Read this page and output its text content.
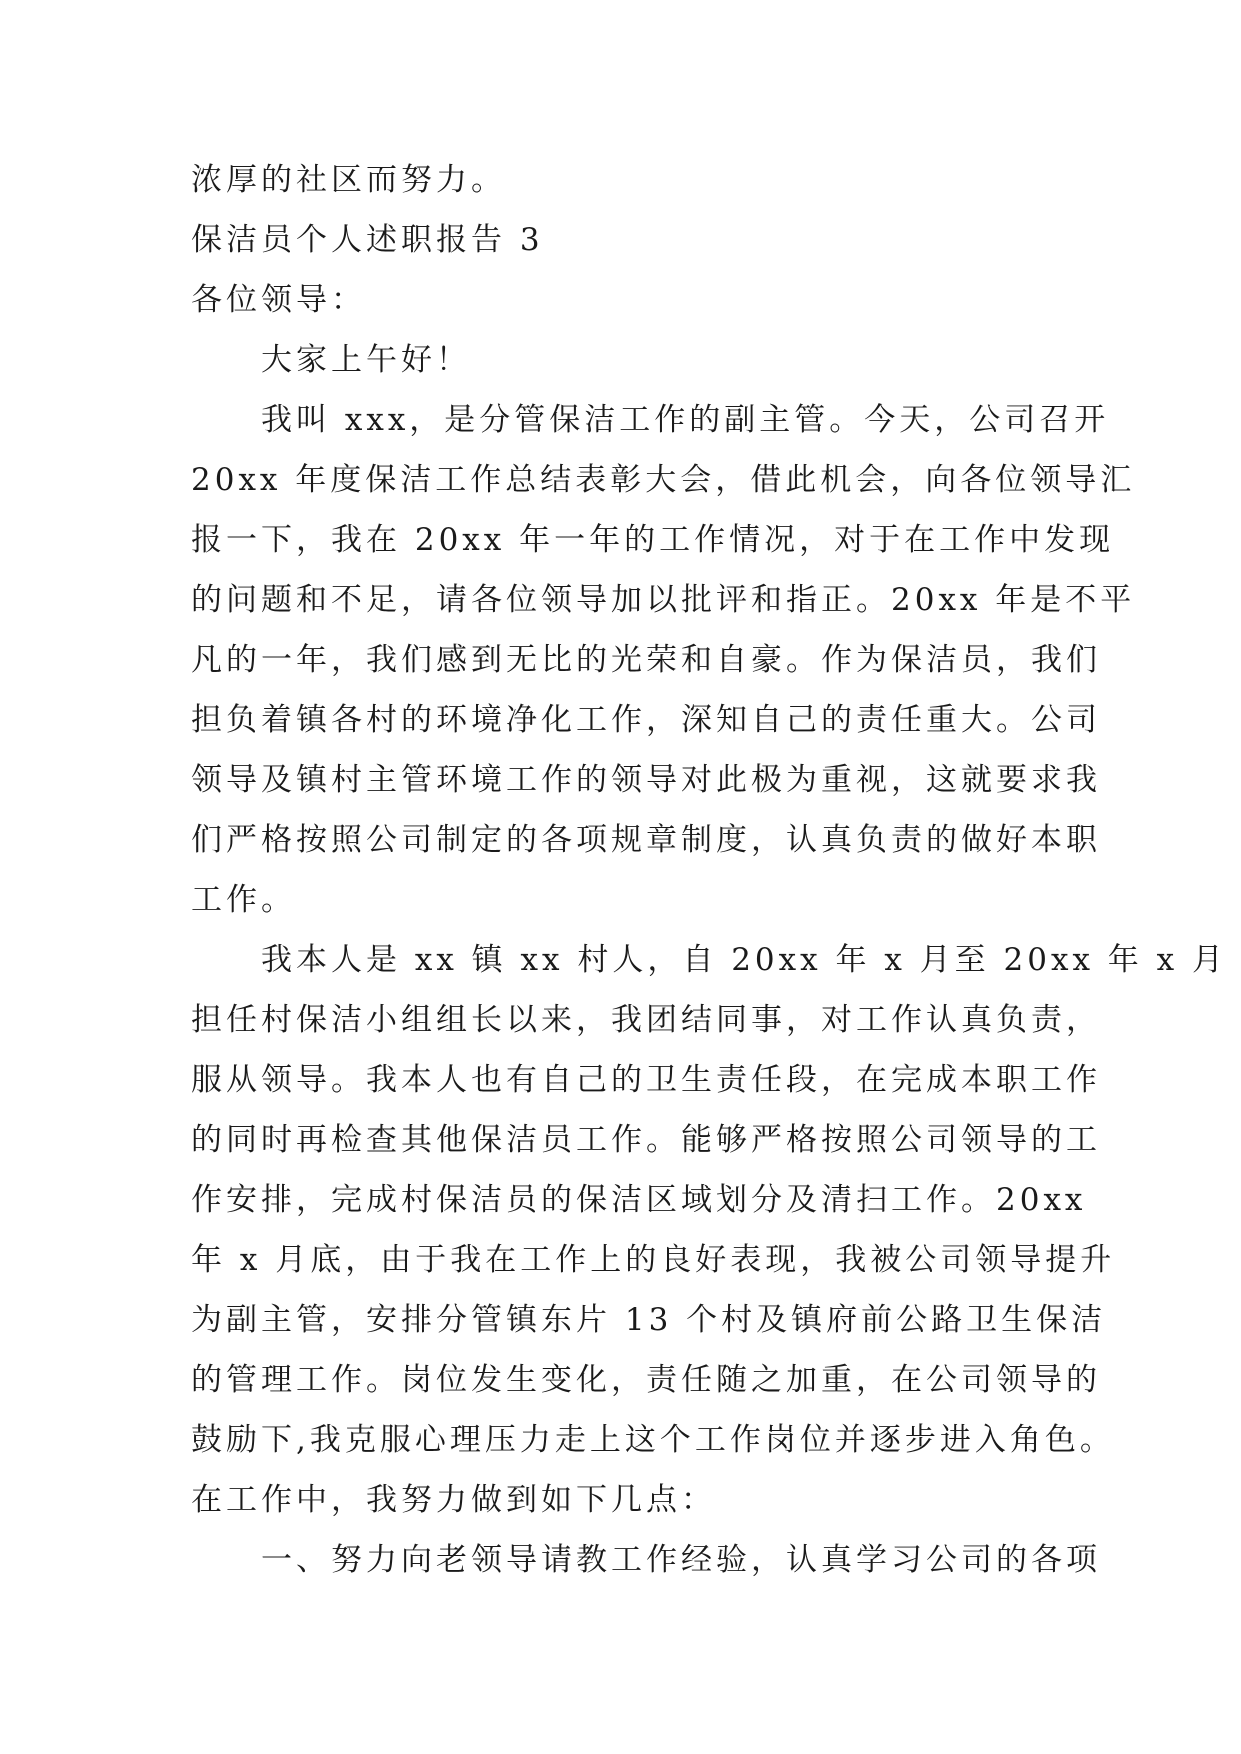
浓厚的社区而努力。
保洁员个人述职报告 3
各位领导：
大家上午好！
我叫 xxx，是分管保洁工作的副主管。今天，公司召开
20xx 年度保洁工作总结表彰大会，借此机会，向各位领导汇
报一下，我在 20xx 年一年的工作情况，对于在工作中发现
的问题和不足，请各位领导加以批评和指正。20xx 年是不平
凡的一年，我们感到无比的光荣和自豪。作为保洁员，我们
担负着镇各村的环境净化工作，深知自己的责任重大。公司
领导及镇村主管环境工作的领导对此极为重视，这就要求我
们严格按照公司制定的各项规章制度，认真负责的做好本职
工作。
我本人是 xx 镇 xx 村人，自 20xx 年 x 月至 20xx 年 x 月
担任村保洁小组组长以来，我团结同事，对工作认真负责，
服从领导。我本人也有自己的卫生责任段，在完成本职工作
的同时再检查其他保洁员工作。能够严格按照公司领导的工
作安排，完成村保洁员的保洁区域划分及清扫工作。20xx
年 x 月底，由于我在工作上的良好表现，我被公司领导提升
为副主管，安排分管镇东片 13 个村及镇府前公路卫生保洁
的管理工作。岗位发生变化，责任随之加重，在公司领导的
鼓励下,我克服心理压力走上这个工作岗位并逐步进入角色。
在工作中，我努力做到如下几点：
一、努力向老领导请教工作经验，认真学习公司的各项
